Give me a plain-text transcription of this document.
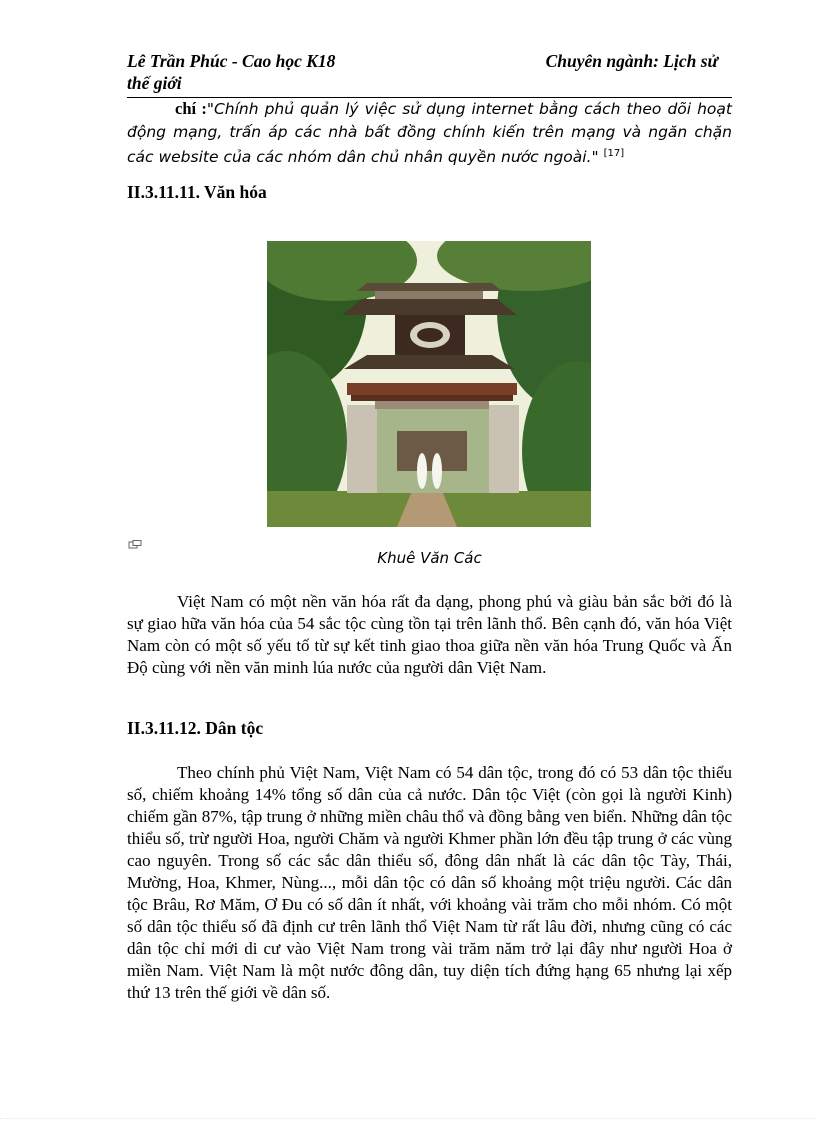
Lê Trần Phúc - Cao học K18	Chuyên ngành: Lịch sử
thế giới
chí :"Chính phủ quản lý việc sử dụng internet bằng cách theo dõi hoạt động mạng, trấn áp các nhà bất đồng chính kiến trên mạng và ngăn chặn các website của các nhóm dân chủ nhân quyền nước ngoài." [17]
II.3.11.11. Văn hóa
Khuê Văn Các
Việt Nam có một nền văn hóa rất đa dạng, phong phú và giàu bản sắc bởi đó là sự giao hữa văn hóa của 54 sắc tộc cùng tồn tại trên lãnh thổ. Bên cạnh đó, văn hóa Việt Nam còn có một số yếu tố từ sự kết tinh giao thoa giữa nền văn hóa Trung Quốc và Ấn Độ cùng với nền văn minh lúa nước của người dân Việt Nam.
II.3.11.12. Dân tộc
Theo chính phủ Việt Nam, Việt Nam có 54 dân tộc, trong đó có 53 dân tộc thiểu số, chiếm khoảng 14% tổng số dân của cả nước. Dân tộc Việt (còn gọi là người Kinh) chiếm gần 87%, tập trung ở những miền châu thổ và đồng bằng ven biển. Những dân tộc thiểu số, trừ người Hoa, người Chăm và người Khmer phần lớn đều tập trung ở các vùng cao nguyên. Trong số các sắc dân thiểu số, đông dân nhất là các dân tộc Tày, Thái, Mường, Hoa, Khmer, Nùng..., mỗi dân tộc có dân số khoảng một triệu người. Các dân tộc Brâu, Rơ Măm, Ơ Đu có số dân ít nhất, với khoảng vài trăm cho mỗi nhóm. Có một số dân tộc thiểu số đã định cư trên lãnh thổ Việt Nam từ rất lâu đời, nhưng cũng có các dân tộc chỉ mới di cư vào Việt Nam trong vài trăm năm trở lại đây như người Hoa ở miền Nam. Việt Nam là một nước đông dân, tuy diện tích đứng hạng 65 nhưng lại xếp thứ 13 trên thế giới về dân số.
